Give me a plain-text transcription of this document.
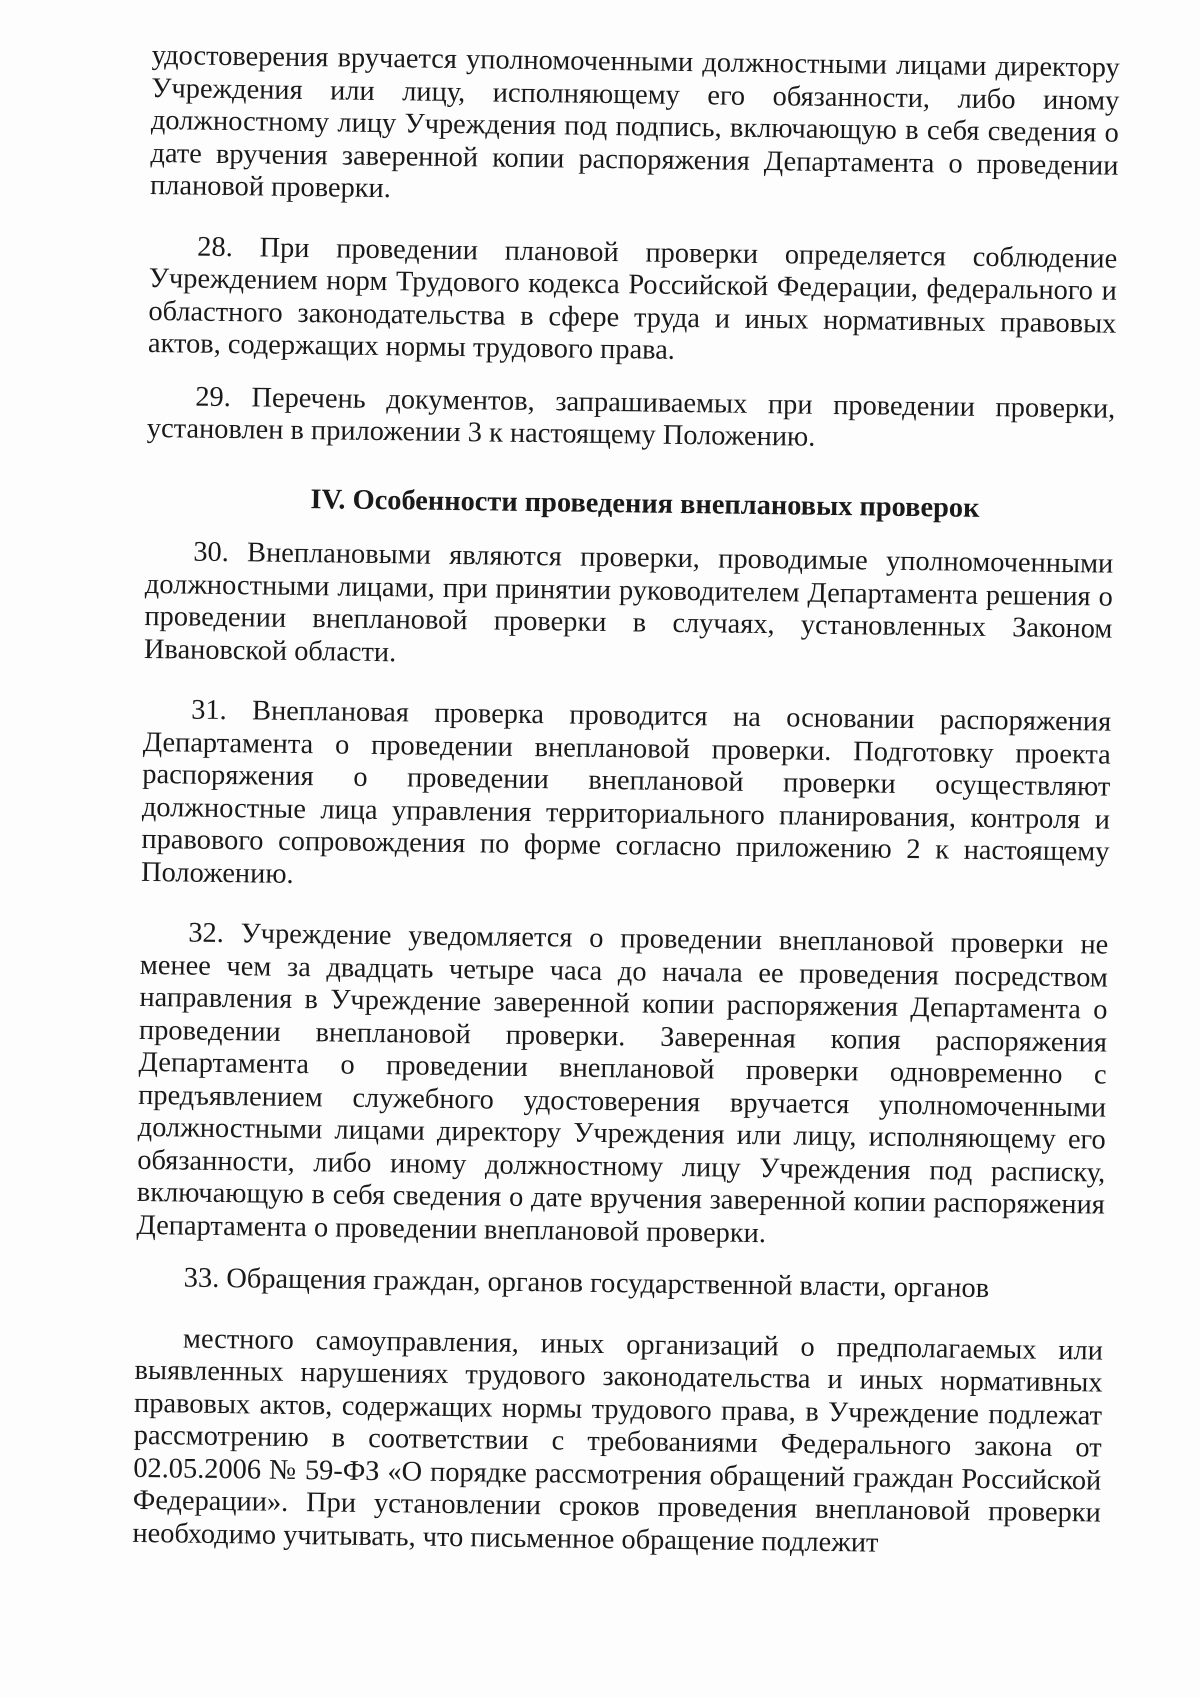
удостоверения вручается уполномоченными должностными лицами директору Учреждения или лицу, исполняющему его обязанности, либо иному должностному лицу Учреждения под подпись, включающую в себя сведения о дате вручения заверенной копии распоряжения Департамента о проведении плановой проверки.

28. При проведении плановой проверки определяется соблюдение Учреждением норм Трудового кодекса Российской Федерации, федерального и областного законодательства в сфере труда и иных нормативных правовых актов, содержащих нормы трудового права.

29. Перечень документов, запрашиваемых при проведении проверки, установлен в приложении 3 к настоящему Положению.

IV. Особенности проведения внеплановых проверок

30. Внеплановыми являются проверки, проводимые уполномоченными должностными лицами, при принятии руководителем Департамента решения о проведении внеплановой проверки в случаях, установленных Законом Ивановской области.

31. Внеплановая проверка проводится на основании распоряжения Департамента о проведении внеплановой проверки. Подготовку проекта распоряжения о проведении внеплановой проверки осуществляют должностные лица управления территориального планирования, контроля и правового сопровождения по форме согласно приложению 2 к настоящему Положению.

32. Учреждение уведомляется о проведении внеплановой проверки не менее чем за двадцать четыре часа до начала ее проведения посредством направления в Учреждение заверенной копии распоряжения Департамента о проведении внеплановой проверки. Заверенная копия распоряжения Департамента о проведении внеплановой проверки одновременно с предъявлением служебного удостоверения вручается уполномоченными должностными лицами директору Учреждения или лицу, исполняющему его обязанности, либо иному должностному лицу Учреждения под расписку, включающую в себя сведения о дате вручения заверенной копии распоряжения Департамента о проведении внеплановой проверки.

33. Обращения граждан, органов государственной власти, органов

местного самоуправления, иных организаций о предполагаемых или выявленных нарушениях трудового законодательства и иных нормативных правовых актов, содержащих нормы трудового права, в Учреждение подлежат рассмотрению в соответствии с требованиями Федерального закона от 02.05.2006 № 59-ФЗ «О порядке рассмотрения обращений граждан Российской Федерации». При установлении сроков проведения внеплановой проверки необходимо учитывать, что письменное обращение подлежит
